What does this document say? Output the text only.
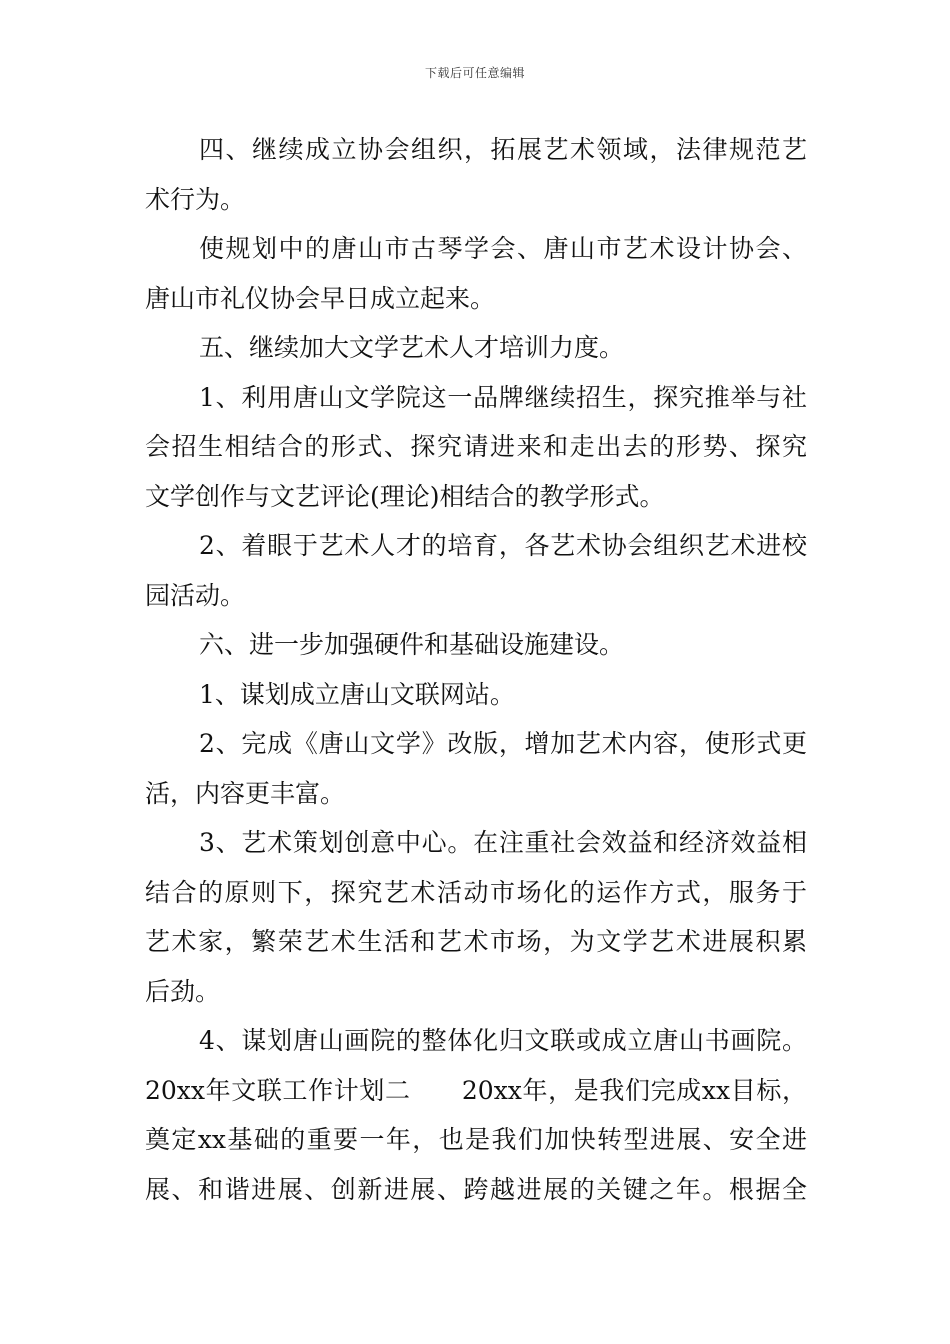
下载后可任意编辑
四、继续成立协会组织，拓展艺术领域，法律规范艺
术行为。
使规划中的唐山市古琴学会、唐山市艺术设计协会、
唐山市礼仪协会早日成立起来。
五、继续加大文学艺术人才培训力度。
1、利用唐山文学院这一品牌继续招生，探究推举与社
会招生相结合的形式、探究请进来和走出去的形势、探究
文学创作与文艺评论(理论)相结合的教学形式。
2、着眼于艺术人才的培育，各艺术协会组织艺术进校
园活动。
六、进一步加强硬件和基础设施建设。
1、谋划成立唐山文联网站。
2、完成《唐山文学》改版，增加艺术内容，使形式更
活，内容更丰富。
3、艺术策划创意中心。在注重社会效益和经济效益相
结合的原则下，探究艺术活动市场化的运作方式，服务于
艺术家，繁荣艺术生活和艺术市场，为文学艺术进展积累
后劲。
4、谋划唐山画院的整体化归文联或成立唐山书画院。
20xx年文联工作计划二　　20xx年，是我们完成xx目标，
奠定xx基础的重要一年，也是我们加快转型进展、安全进
展、和谐进展、创新进展、跨越进展的关键之年。根据全
